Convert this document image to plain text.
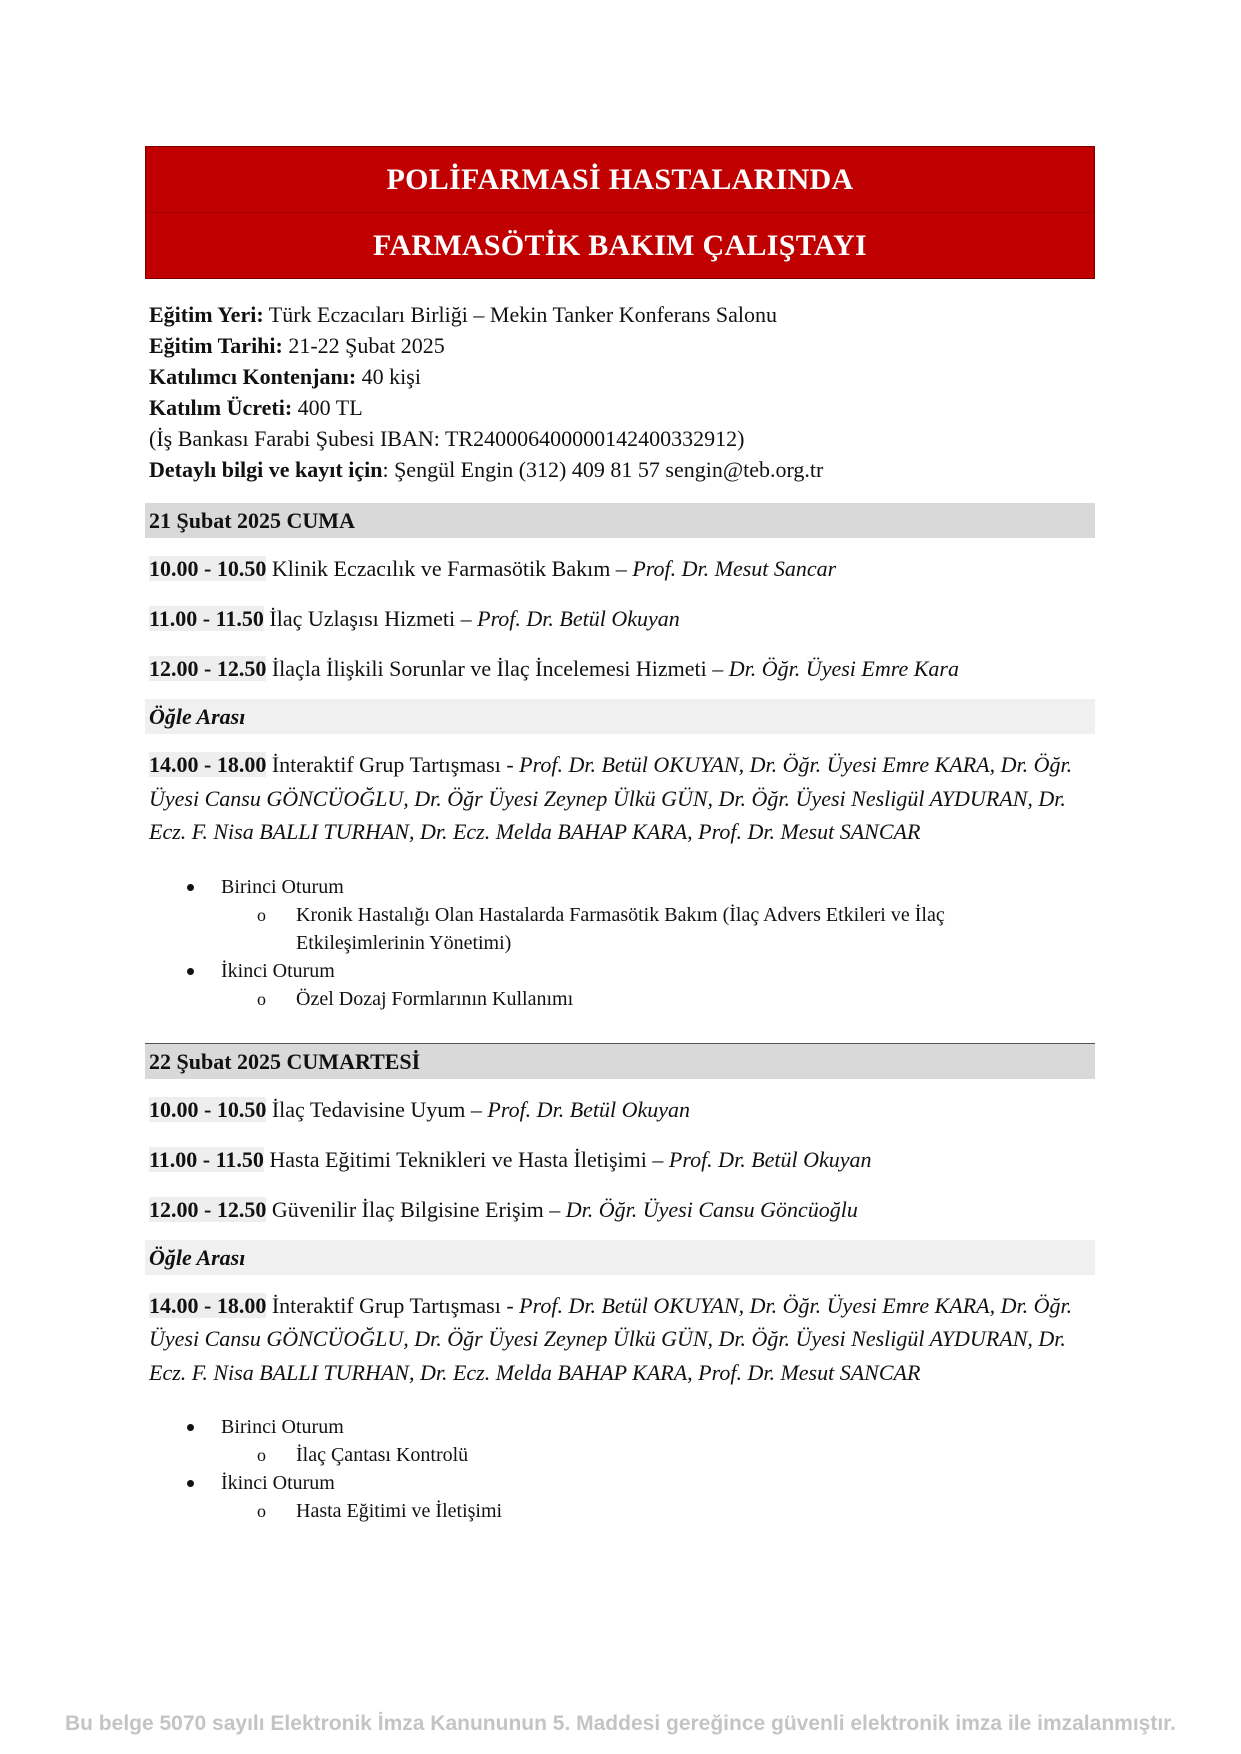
POLİFARMASİ HASTALARINDA
FARMASÖTİK BAKIM ÇALIŞTAYI
Eğitim Yeri: Türk Eczacıları Birliği – Mekin Tanker Konferans Salonu
Eğitim Tarihi: 21-22 Şubat 2025
Katılımcı Kontenjanı: 40 kişi
Katılım Ücreti: 400 TL
(İş Bankası Farabi Şubesi IBAN: TR240006400000142400332912)
Detaylı bilgi ve kayıt için: Şengül Engin (312) 409 81 57 sengin@teb.org.tr
21 Şubat 2025 CUMA
10.00 - 10.50 Klinik Eczacılık ve Farmasötik Bakım – Prof. Dr. Mesut Sancar
11.00 - 11.50 İlaç Uzlaşısı Hizmeti – Prof. Dr. Betül Okuyan
12.00 - 12.50 İlaçla İlişkili Sorunlar ve İlaç İncelemesi Hizmeti – Dr. Öğr. Üyesi Emre Kara
Öğle Arası
14.00 - 18.00 İnteraktif Grup Tartışması - Prof. Dr. Betül OKUYAN, Dr. Öğr. Üyesi Emre KARA, Dr. Öğr. Üyesi Cansu GÖNCÜOĞLU, Dr. Öğr Üyesi Zeynep Ülkü GÜN, Dr. Öğr. Üyesi Nesligül AYDURAN, Dr. Ecz. F. Nisa BALLI TURHAN, Dr. Ecz. Melda BAHAP KARA, Prof. Dr. Mesut SANCAR
Birinci Oturum
o Kronik Hastalığı Olan Hastalarda Farmasötik Bakım (İlaç Advers Etkileri ve İlaç Etkileşimlerinin Yönetimi)
İkinci Oturum
o Özel Dozaj Formlarının Kullanımı
22 Şubat 2025 CUMARTESİ
10.00 - 10.50 İlaç Tedavisine Uyum – Prof. Dr. Betül Okuyan
11.00 - 11.50 Hasta Eğitimi Teknikleri ve Hasta İletişimi – Prof. Dr. Betül Okuyan
12.00 - 12.50 Güvenilir İlaç Bilgisine Erişim – Dr. Öğr. Üyesi Cansu Göncüoğlu
Öğle Arası
14.00 - 18.00 İnteraktif Grup Tartışması - Prof. Dr. Betül OKUYAN, Dr. Öğr. Üyesi Emre KARA, Dr. Öğr. Üyesi Cansu GÖNCÜOĞLU, Dr. Öğr Üyesi Zeynep Ülkü GÜN, Dr. Öğr. Üyesi Nesligül AYDURAN, Dr. Ecz. F. Nisa BALLI TURHAN, Dr. Ecz. Melda BAHAP KARA, Prof. Dr. Mesut SANCAR
Birinci Oturum
o İlaç Çantası Kontrolü
İkinci Oturum
o Hasta Eğitimi ve İletişimi
Bu belge 5070 sayılı Elektronik İmza Kanununun 5. Maddesi gereğince güvenli elektronik imza ile imzalanmıştır.
